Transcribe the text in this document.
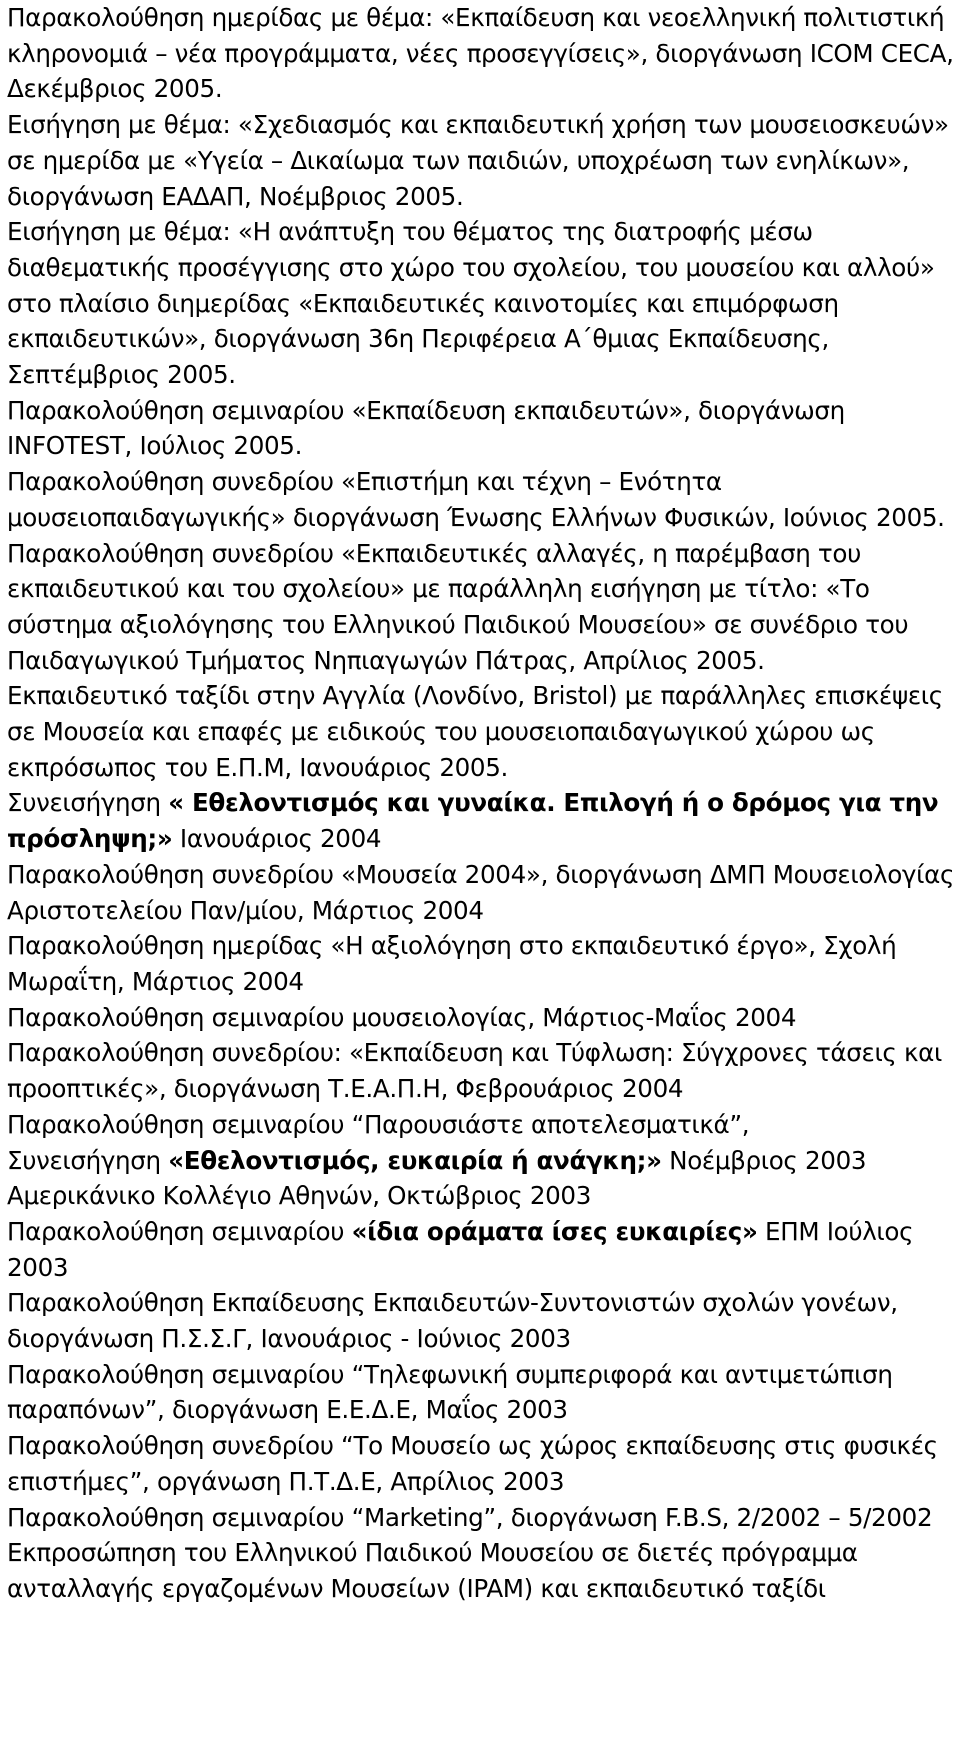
Παρακολούθηση ημερίδας με θέμα: «Εκπαίδευση και νεοελληνική πολιτιστική κληρονομιά – νέα προγράμματα, νέες προσεγγίσεις», διοργάνωση ICOM CECA, Δεκέμβριος 2005.

Εισήγηση με θέμα: «Σχεδιασμός και εκπαιδευτική χρήση των μουσειοσκευών» σε ημερίδα με «Υγεία – Δικαίωμα των παιδιών, υποχρέωση των ενηλίκων», διοργάνωση ΕΑΔΑΠ, Νοέμβριος 2005.

Εισήγηση με θέμα: «Η ανάπτυξη του θέματος της διατροφής μέσω διαθεματικής προσέγγισης στο χώρο του σχολείου, του μουσείου και αλλού» στο πλαίσιο διημερίδας «Εκπαιδευτικές καινοτομίες και επιμόρφωση εκπαιδευτικών», διοργάνωση 36η Περιφέρεια Α΄θμιας Εκπαίδευσης, Σεπτέμβριος 2005.

Παρακολούθηση σεμιναρίου «Εκπαίδευση εκπαιδευτών», διοργάνωση INFOTEST, Ιούλιος 2005.

Παρακολούθηση συνεδρίου «Επιστήμη και τέχνη – Ενότητα μουσειοπαιδαγωγικής» διοργάνωση Ένωσης Ελλήνων Φυσικών, Ιούνιος 2005.

Παρακολούθηση συνεδρίου «Εκπαιδευτικές αλλαγές, η παρέμβαση του εκπαιδευτικού και του σχολείου» με παράλληλη εισήγηση με τίτλο: «Το σύστημα αξιολόγησης του Ελληνικού Παιδικού Μουσείου» σε συνέδριο του Παιδαγωγικού Τμήματος Νηπιαγωγών Πάτρας, Απρίλιος 2005.

Εκπαιδευτικό ταξίδι στην Αγγλία (Λονδίνο, Bristol) με παράλληλες επισκέψεις σε Μουσεία και επαφές με ειδικούς του μουσειοπαιδαγωγικού χώρου ως εκπρόσωπος του Ε.Π.Μ, Ιανουάριος 2005.

Συνεισήγηση « Εθελοντισμός και γυναίκα. Επιλογή ή ο δρόμος για την πρόσληψη;» Ιανουάριος 2004

Παρακολούθηση συνεδρίου «Μουσεία 2004», διοργάνωση ΔΜΠ Μουσειολογίας Αριστοτελείου Παν/μίου, Μάρτιος 2004

Παρακολούθηση ημερίδας «Η αξιολόγηση στο εκπαιδευτικό έργο», Σχολή Μωραΐτη, Μάρτιος 2004

Παρακολούθηση σεμιναρίου μουσειολογίας, Μάρτιος-Μαΐος 2004

Παρακολούθηση συνεδρίου: «Εκπαίδευση και Τύφλωση: Σύγχρονες τάσεις και προοπτικές», διοργάνωση Τ.Ε.Α.Π.Η, Φεβρουάριος 2004

Παρακολούθηση σεμιναρίου “Παρουσιάστε αποτελεσματικά”,

Συνεισήγηση «Εθελοντισμός, ευκαιρία ή ανάγκη;» Νοέμβριος 2003

Αμερικάνικο Κολλέγιο Αθηνών, Οκτώβριος 2003

Παρακολούθηση σεμιναρίου «ίδια οράματα ίσες ευκαιρίες» ΕΠΜ Ιούλιος 2003

Παρακολούθηση Εκπαίδευσης Εκπαιδευτών-Συντονιστών σχολών γονέων, διοργάνωση Π.Σ.Σ.Γ, Ιανουάριος - Ιούνιος 2003

Παρακολούθηση σεμιναρίου “Τηλεφωνική συμπεριφορά και αντιμετώπιση παραπόνων”, διοργάνωση Ε.Ε.Δ.Ε, Μαΐος 2003

Παρακολούθηση συνεδρίου “Το Μουσείο ως χώρος εκπαίδευσης στις φυσικές επιστήμες”, οργάνωση Π.Τ.Δ.Ε, Απρίλιος 2003

Παρακολούθηση σεμιναρίου “Marketing”, διοργάνωση F.B.S, 2/2002 – 5/2002

Εκπροσώπηση του Ελληνικού Παιδικού Μουσείου σε διετές πρόγραμμα ανταλλαγής εργαζομένων Μουσείων (IPAM) και εκπαιδευτικό ταξίδι
